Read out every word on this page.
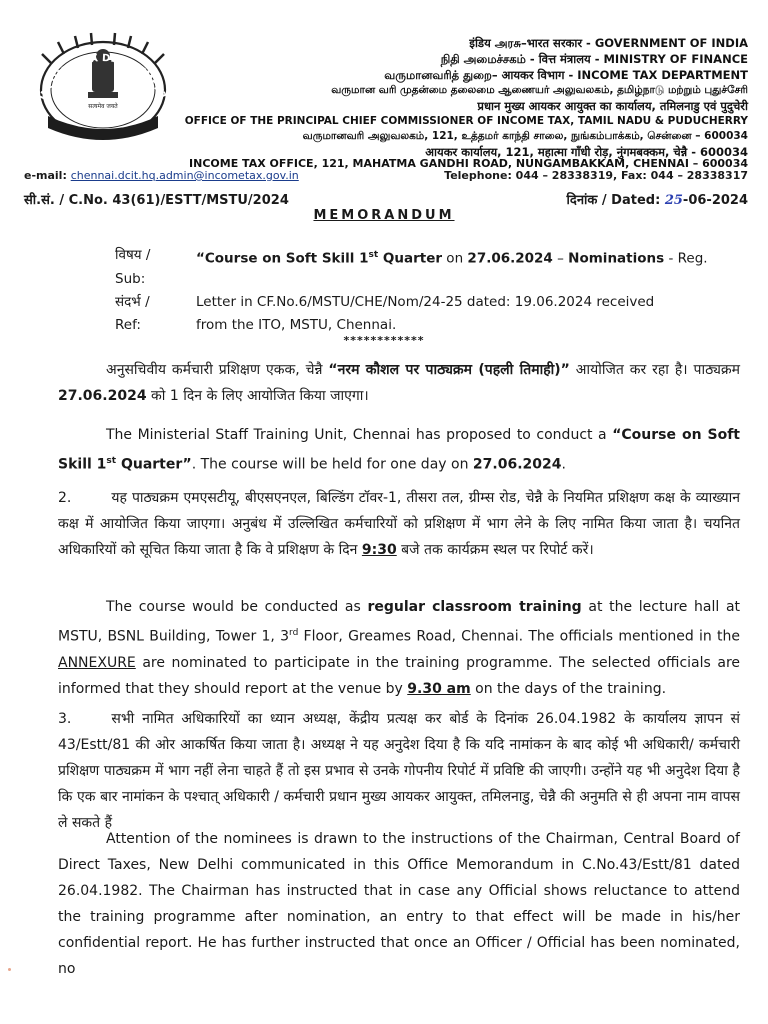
सत्यमेव जयते
INCOME TAX DEPARTMENT
इंडिय அரசு–भारत सरकार - GOVERNMENT OF INDIA
நிதி அமைச்சகம் - वित्त मंत्रालय - MINISTRY OF FINANCE
வருமானவரித் துறை– आयकर विभाग - INCOME TAX DEPARTMENT
வருமான வரி முதன்மை தலைமை ஆணையர் அலுவலகம், தமிழ்நாடு மற்றும் புதுச்சேரி
प्रधान मुख्य आयकर आयुक्त का कार्यालय, तमिलनाडु एवं पुदुचेरी
OFFICE OF THE PRINCIPAL CHIEF COMMISSIONER OF INCOME TAX, TAMIL NADU & PUDUCHERRY
வருமானவரி அலுவலகம், 121, உத்தமர் காந்தி சாலை, நுங்கம்பாக்கம், சென்னை – 600034
आयकर कार्यालय, 121, महात्मा गाँधी रोड़, नुंगमबक्कम, चेन्नै - 600034
INCOME TAX OFFICE, 121, MAHATMA GANDHI ROAD, NUNGAMBAKKAM, CHENNAI – 600034
e-mail: chennai.dcit.hq.admin@incometax.gov.in	Telephone: 044 – 28338319, Fax: 044 – 28338317
सी.सं. / C.No. 43(61)/ESTT/MSTU/2024	दिनांक / Dated: 25-06-2024
MEMORANDUM
विषय /
Sub:
“Course on Soft Skill 1st Quarter on 27.06.2024 – Nominations - Reg.
संदर्भ /
Ref:
Letter in CF.No.6/MSTU/CHE/Nom/24-25 dated: 19.06.2024 received
from the ITO, MSTU, Chennai.
************
अनुसचिवीय कर्मचारी प्रशिक्षण एकक, चेन्नै “नरम कौशल पर पाठ्यक्रम (पहली तिमाही)” आयोजित कर रहा है। पाठ्यक्रम 27.06.2024 को 1 दिन के लिए आयोजित किया जाएगा।
The Ministerial Staff Training Unit, Chennai has proposed to conduct a “Course on Soft Skill 1st Quarter”. The course will be held for one day on 27.06.2024.
2.	यह पाठ्यक्रम एमएसटीयू, बीएसएनएल, बिल्डिंग टॉवर-1, तीसरा तल, ग्रीम्स रोड, चेन्नै के नियमित प्रशिक्षण कक्ष के व्याख्यान कक्ष में आयोजित किया जाएगा। अनुबंध में उल्लिखित कर्मचारियों को प्रशिक्षण में भाग लेने के लिए नामित किया जाता है। चयनित अधिकारियों को सूचित किया जाता है कि वे प्रशिक्षण के दिन 9:30 बजे तक कार्यक्रम स्थल पर रिपोर्ट करें।
The course would be conducted as regular classroom training at the lecture hall at MSTU, BSNL Building, Tower 1, 3rd Floor, Greames Road, Chennai. The officials mentioned in the ANNEXURE are nominated to participate in the training programme. The selected officials are informed that they should report at the venue by 9.30 am on the days of the training.
3.	सभी नामित अधिकारियों का ध्यान अध्यक्ष, केंद्रीय प्रत्यक्ष कर बोर्ड के दिनांक 26.04.1982 के कार्यालय ज्ञापन सं 43/Estt/81 की ओर आकर्षित किया जाता है। अध्यक्ष ने यह अनुदेश दिया है कि यदि नामांकन के बाद कोई भी अधिकारी/ कर्मचारी प्रशिक्षण पाठ्यक्रम में भाग नहीं लेना चाहते हैं तो इस प्रभाव से उनके गोपनीय रिपोर्ट में प्रविष्टि की जाएगी। उन्होंने यह भी अनुदेश दिया है कि एक बार नामांकन के पश्चात् अधिकारी / कर्मचारी प्रधान मुख्य आयकर आयुक्त, तमिलनाडु, चेन्नै की अनुमति से ही अपना नाम वापस ले सकते हैं
Attention of the nominees is drawn to the instructions of the Chairman, Central Board of Direct Taxes, New Delhi communicated in this Office Memorandum in C.No.43/Estt/81 dated 26.04.1982. The Chairman has instructed that in case any Official shows reluctance to attend the training programme after nomination, an entry to that effect will be made in his/her confidential report. He has further instructed that once an Officer / Official has been nominated, no
